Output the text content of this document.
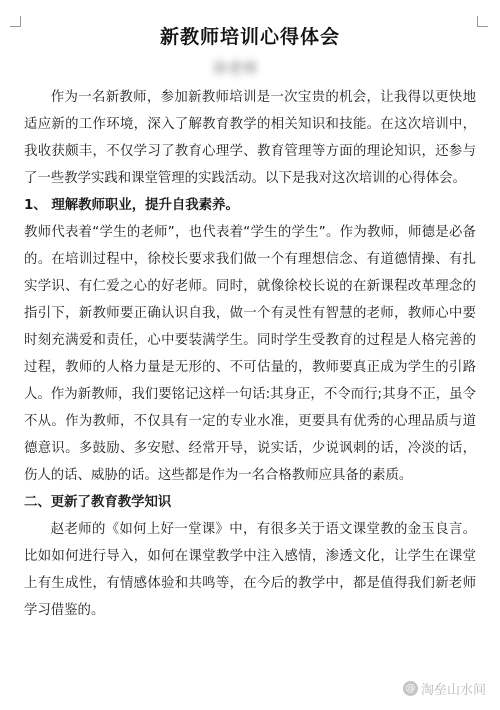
新教师培训心得体会
徐老师

作为一名新教师，参加新教师培训是一次宝贵的机会，让我得以更快地适应新的工作环境，深入了解教育教学的相关知识和技能。在这次培训中，我收获颇丰，不仅学习了教育心理学、教育管理等方面的理论知识，还参与了一些教学实践和课堂管理的实践活动。以下是我对这次培训的心得体会。

1、 理解教师职业，提升自我素养。

教师代表着“学生的老师”，也代表着“学生的学生”。作为教师，师德是必备的。在培训过程中，徐校长要求我们做一个有理想信念、有道德情操、有扎实学识、有仁爱之心的好老师。同时，就像徐校长说的在新课程改革理念的指引下，新教师要正确认识自我，做一个有灵性有智慧的老师，教师心中要时刻充满爱和责任，心中要装满学生。同时学生受教育的过程是人格完善的过程，教师的人格力量是无形的、不可估量的，教师要真正成为学生的引路人。作为新教师，我们要铭记这样一句话:其身正，不令而行;其身不正，虽令不从。作为教师，不仅具有一定的专业水准，更要具有优秀的心理品质与道德意识。多鼓励、多安慰、经常开导，说实话，少说讽刺的话，冷淡的话，伤人的话、威胁的话。这些都是作为一名合格教师应具备的素质。

二、更新了教育教学知识

赵老师的《如何上好一堂课》中，有很多关于语文课堂教的金玉良言。比如如何进行导入，如何在课堂教学中注入感情，渗透文化，让学生在课堂上有生成性，有情感体验和共鸣等，在今后的教学中，都是值得我们新老师学习借鉴的。

@ 淘垒山水间
